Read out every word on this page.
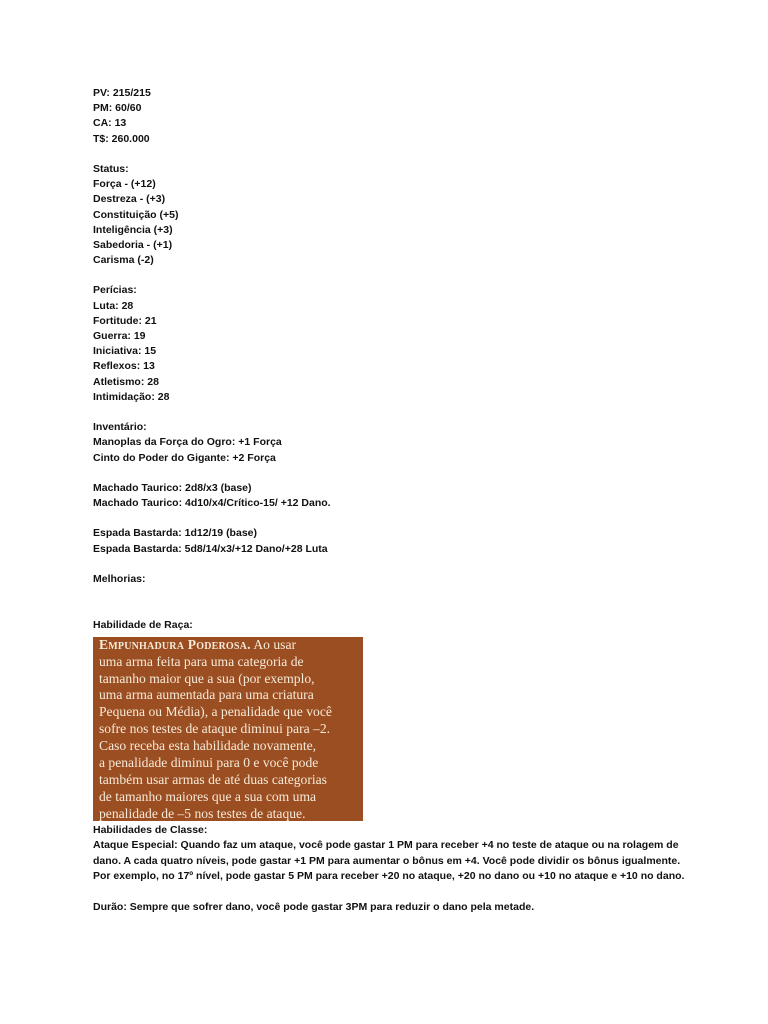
PV: 215/215
PM: 60/60
CA: 13
T$: 260.000
Status:
Força - (+12)
Destreza - (+3)
Constituição (+5)
Inteligência (+3)
Sabedoria - (+1)
Carisma (-2)
Perícias:
Luta: 28
Fortitude: 21
Guerra: 19
Iniciativa: 15
Reflexos: 13
Atletismo: 28
Intimidação: 28
Inventário:
Manoplas da Força do Ogro: +1 Força
Cinto do Poder do Gigante: +2 Força
Machado Taurico: 2d8/x3 (base)
Machado Taurico: 4d10/x4/Crítico-15/ +12 Dano.
Espada Bastarda: 1d12/19 (base)
Espada Bastarda: 5d8/14/x3/+12 Dano/+28 Luta
Melhorias:
Habilidade de Raça:
Empunhadura Poderosa. Ao usar
uma arma feita para uma categoria de
tamanho maior que a sua (por exemplo,
uma arma aumentada para uma criatura
Pequena ou Média), a penalidade que você
sofre nos testes de ataque diminui para –2.
Caso receba esta habilidade novamente,
a penalidade diminui para 0 e você pode
também usar armas de até duas categorias
de tamanho maiores que a sua com uma
penalidade de –5 nos testes de ataque.
Habilidades de Classe:
Ataque Especial: Quando faz um ataque, você pode gastar 1 PM para receber +4 no teste de ataque ou na rolagem de dano. A cada quatro níveis, pode gastar +1 PM para aumentar o bônus em +4. Você pode dividir os bônus igualmente. Por exemplo, no 17º nível, pode gastar 5 PM para receber +20 no ataque, +20 no dano ou +10 no ataque e +10 no dano.
Durão: Sempre que sofrer dano, você pode gastar 3PM para reduzir o dano pela metade.
